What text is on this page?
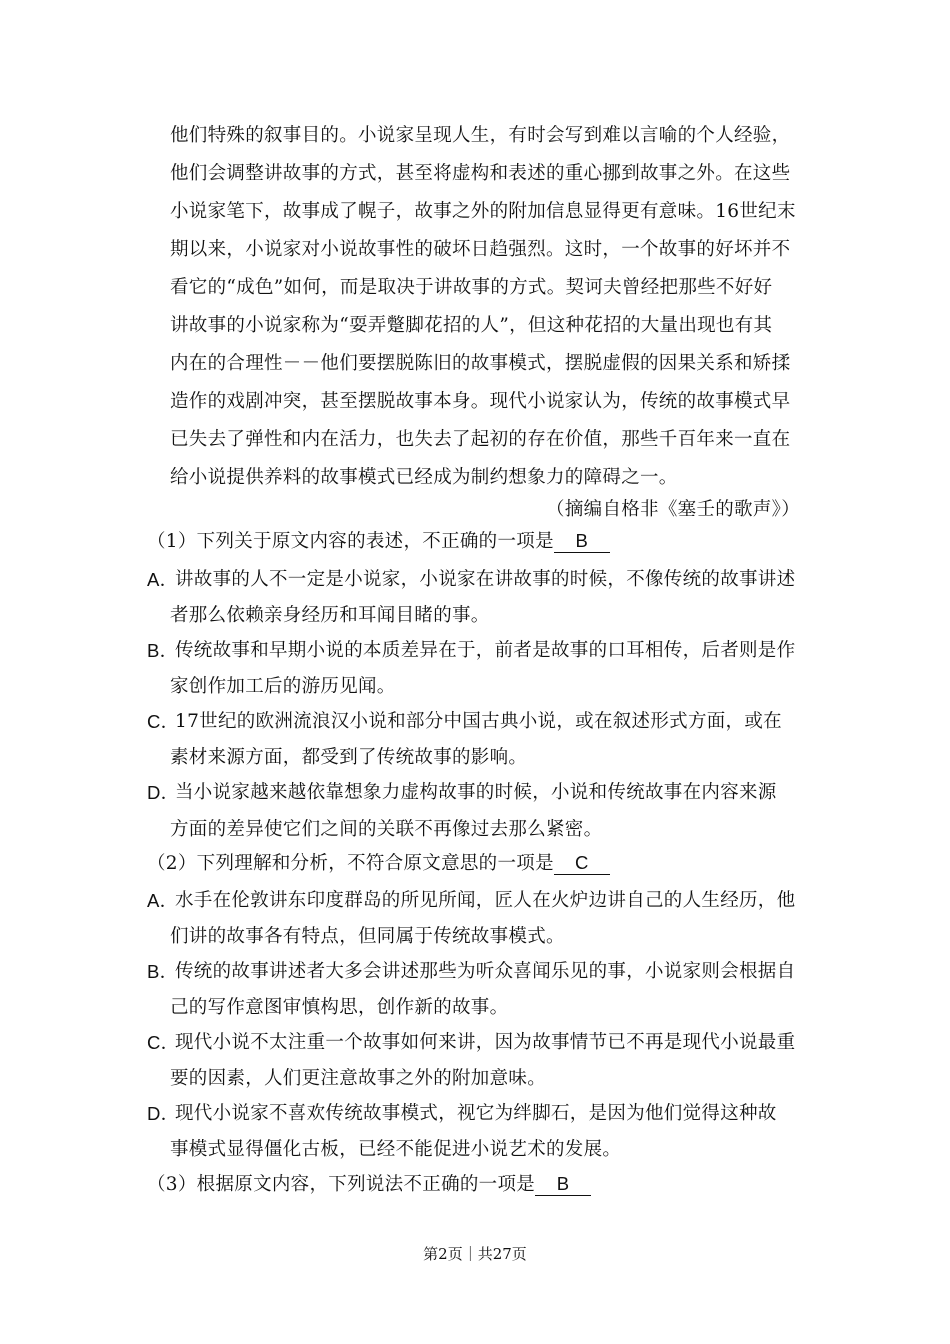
他们特殊的叙事目的。小说家呈现人生，有时会写到难以言喻的个人经验，
他们会调整讲故事的方式，甚至将虚构和表述的重心挪到故事之外。在这些
小说家笔下，故事成了幌子，故事之外的附加信息显得更有意味。16世纪末
期以来，小说家对小说故事性的破坏日趋强烈。这时，一个故事的好坏并不
看它的“成色”如何，而是取决于讲故事的方式。契诃夫曾经把那些不好好
讲故事的小说家称为“耍弄蹩脚花招的人”，但这种花招的大量出现也有其
内在的合理性－－他们要摆脱陈旧的故事模式，摆脱虚假的因果关系和矫揉
造作的戏剧冲突，甚至摆脱故事本身。现代小说家认为，传统的故事模式早
已失去了弹性和内在活力，也失去了起初的存在价值，那些千百年来一直在
给小说提供养料的故事模式已经成为制约想象力的障碍之一。
（摘编自格非《塞壬的歌声》）
（1）下列关于原文内容的表述，不正确的一项是 B
A．
讲故事的人不一定是小说家，小说家在讲故事的时候，不像传统的故事讲述
者那么依赖亲身经历和耳闻目睹的事。
B．
传统故事和早期小说的本质差异在于，前者是故事的口耳相传，后者则是作
家创作加工后的游历见闻。
C．
17世纪的欧洲流浪汉小说和部分中国古典小说，或在叙述形式方面，或在
素材来源方面，都受到了传统故事的影响。
D．
当小说家越来越依靠想象力虚构故事的时候，小说和传统故事在内容来源
方面的差异使它们之间的关联不再像过去那么紧密。
（2）下列理解和分析，不符合原文意思的一项是 C
A．
水手在伦敦讲东印度群岛的所见所闻，匠人在火炉边讲自己的人生经历，他
们讲的故事各有特点，但同属于传统故事模式。
B．
传统的故事讲述者大多会讲述那些为听众喜闻乐见的事，小说家则会根据自
己的写作意图审慎构思，创作新的故事。
C．
现代小说不太注重一个故事如何来讲，因为故事情节已不再是现代小说最重
要的因素，人们更注意故事之外的附加意味。
D．
现代小说家不喜欢传统故事模式，视它为绊脚石，是因为他们觉得这种故
事模式显得僵化古板，已经不能促进小说艺术的发展。
（3）根据原文内容，下列说法不正确的一项是 B
第2页｜共27页
